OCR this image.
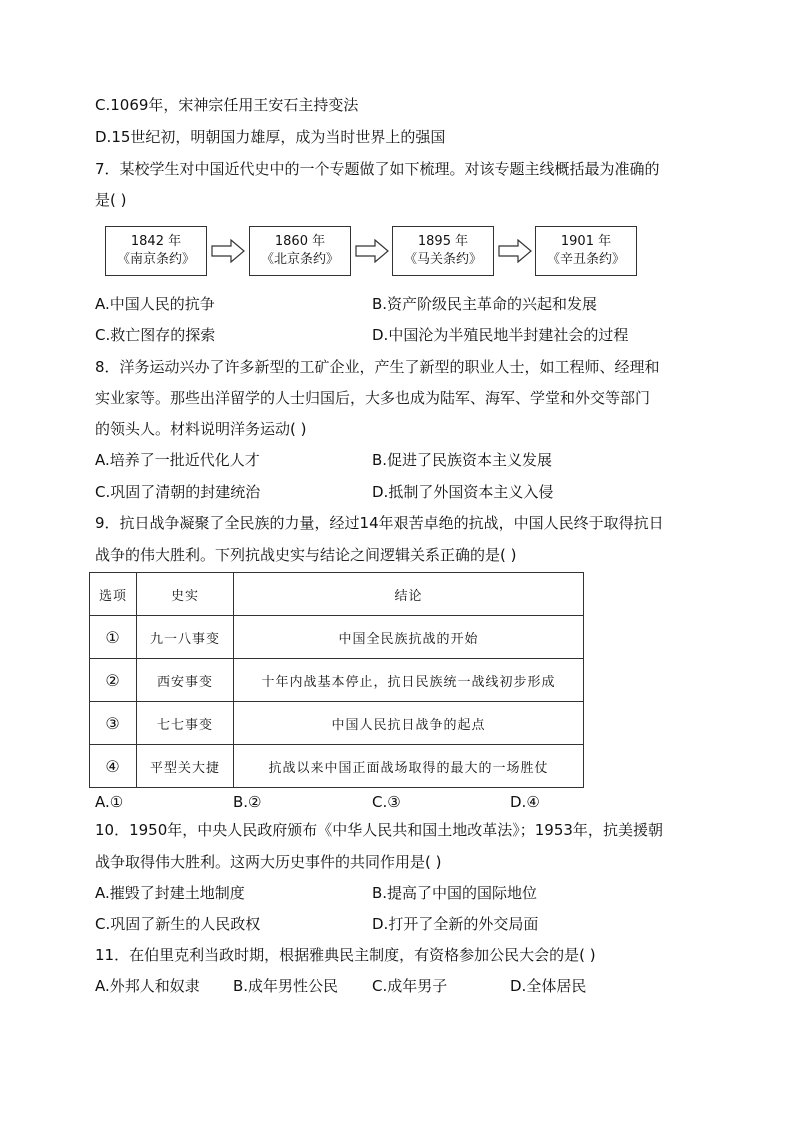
C.1069年，宋神宗任用王安石主持变法
D.15世纪初，明朝国力雄厚，成为当时世界上的强国
7．某校学生对中国近代史中的一个专题做了如下梳理。对该专题主线概括最为准确的
是( )
1842 年
《南京条约》
1860 年
《北京条约》
1895 年
《马关条约》
1901 年
《辛丑条约》
A.中国人民的抗争	B.资产阶级民主革命的兴起和发展
C.救亡图存的探索	D.中国沦为半殖民地半封建社会的过程
8．洋务运动兴办了许多新型的工矿企业，产生了新型的职业人士，如工程师、经理和
实业家等。那些出洋留学的人士归国后，大多也成为陆军、海军、学堂和外交等部门
的领头人。材料说明洋务运动( )
A.培养了一批近代化人才	B.促进了民族资本主义发展
C.巩固了清朝的封建统治	D.抵制了外国资本主义入侵
9．抗日战争凝聚了全民族的力量，经过14年艰苦卓绝的抗战，中国人民终于取得抗日
战争的伟大胜利。下列抗战史实与结论之间逻辑关系正确的是( )
选项	史实	结论
①	九一八事变	中国全民族抗战的开始
②	西安事变	十年内战基本停止，抗日民族统一战线初步形成
③	七七事变	中国人民抗日战争的起点
④	平型关大捷	抗战以来中国正面战场取得的最大的一场胜仗
A.①	B.②	C.③	D.④
10．1950年，中央人民政府颁布《中华人民共和国土地改革法》；1953年，抗美援朝
战争取得伟大胜利。这两大历史事件的共同作用是( )
A.摧毁了封建土地制度	B.提高了中国的国际地位
C.巩固了新生的人民政权	D.打开了全新的外交局面
11．在伯里克利当政时期，根据雅典民主制度，有资格参加公民大会的是( )
A.外邦人和奴隶 B.成年男性公民 C.成年男子	D.全体居民
